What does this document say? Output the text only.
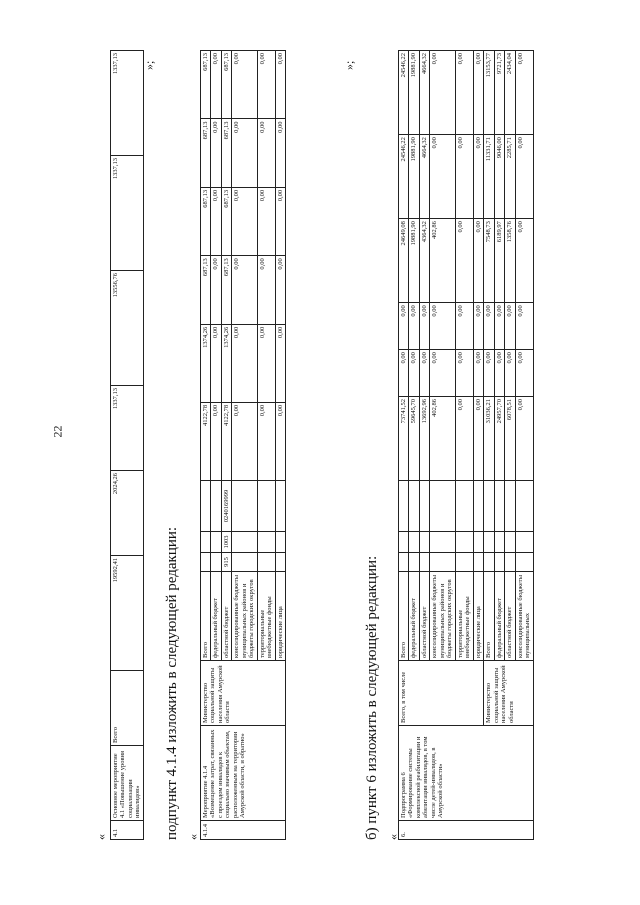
22
« 4.1	Основное мероприятие 4.1 «Повышение уровня социализации инвалидов»	Всего	19592,41	2024,26	1337,13	13556,76	1337,13	1337,13 »;
подпункт 4.1.4 изложить в следующей редакции: « 4.1.4	Мероприятие 4.1.4 «Возмещение затрат, связанных с проездом инвалидов к социально значимым объектам, расположенным на территории Амурской области, и обратно»	Министерство социальной защиты населения Амурской области	Всего				4122,78	1374,26	687,13	687,13	687,13	687,13
			федеральный бюджет				0,00	0,00	0,00	0,00	0,00	0,00
			областной бюджет	915	1003	0240169999	4122,78	1374,26	687,13	687,13	687,13	687,13
			консолидированные бюджеты муниципальных районов и бюджеты городских округов				0,00	0,00	0,00	0,00	0,00	0,00
			территориальные внебюджетные фонды				0,00	0,00	0,00	0,00	0,00	0,00
			юридические лица				0,00	0,00	0,00	0,00	0,00	0,00
»;
б) пункт 6 изложить в следующей редакции: « 6.	Подпрограмма 6 «Формирование системы комплексной реабилитации и абилитации инвалидов, в том числе детей-инвалидов, в Амурской области»	Всего, в том числе	Всего				73741,52	0,00	0,00	24649,08	24546,22	24546,22
			федеральный бюджет				59645,70	0,00	0,00	19881,90	19881,90	19881,90
			областной бюджет				13692,96	0,00	0,00	4364,32	4664,32	4664,32
			консолидированные бюджеты муниципальных районов и бюджеты городских округов				402,86	0,00	0,00	402,86	0,00	0,00
			территориальные внебюджетные фонды				0,00	0,00	0,00	0,00	0,00	0,00
			юридические лица				0,00	0,00	0,00	0,00	0,00	0,00
		Министерство социальной защиты населения Амурской области	Всего				31036,21	0,00	0,00	7548,73	11331,71	13153,77
			федеральный бюджет				24957,70	0,00	0,00	6189,97	9046,00	9721,73
			областной бюджет				6078,51	0,00	0,00	1358,76	2285,71	2434,04
			консолидированные бюджеты муниципальных				0,00	0,00	0,00	0,00	0,00	0,00
